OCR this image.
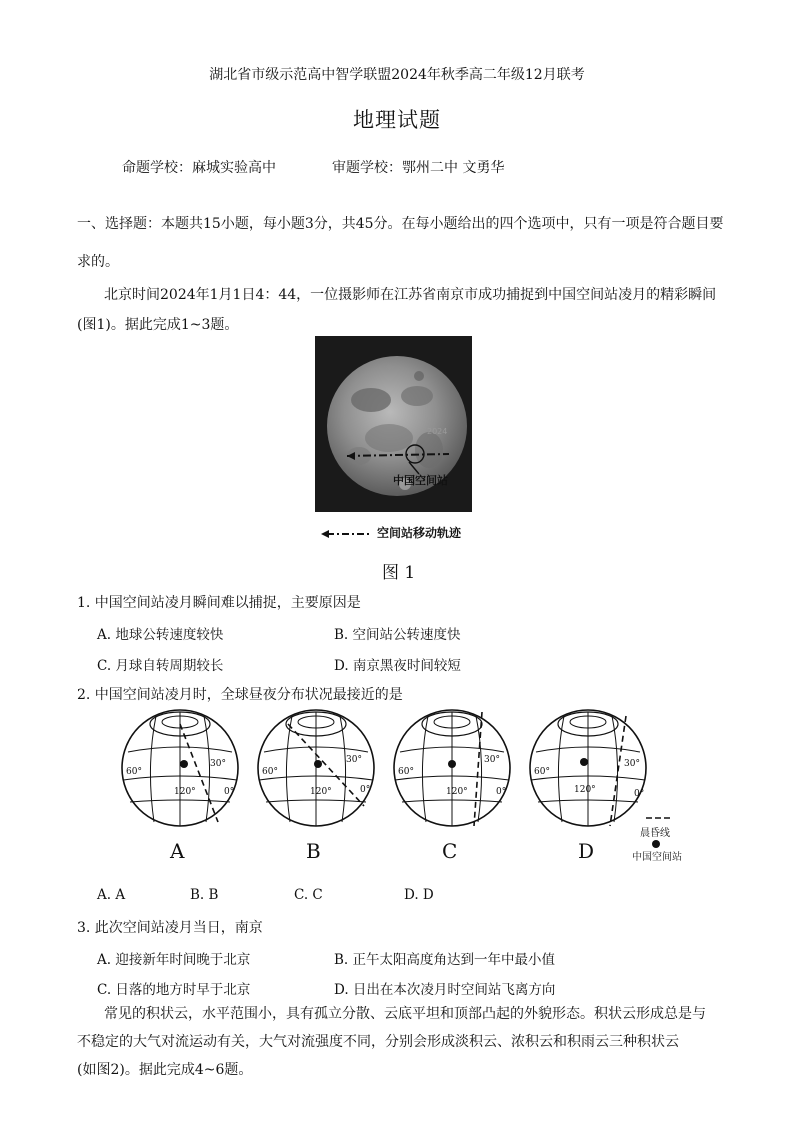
湖北省市级示范高中智学联盟2024年秋季高二年级12月联考
地理试题
命题学校：麻城实验高中	审题学校：鄂州二中 文勇华
一、选择题：本题共15小题，每小题3分，共45分。在每小题给出的四个选项中，只有一项是符合题目要
求的。
北京时间2024年1月1日4：44，一位摄影师在江苏省南京市成功捕捉到中国空间站凌月的精彩瞬间
(图1)。据此完成1~3题。
中国空间站
2024
空间站移动轨迹
图 1
1. 中国空间站凌月瞬间难以捕捉，主要原因是
A. 地球公转速度较快	B. 空间站公转速度快
C. 月球自转周期较长	D. 南京黑夜时间较短
2. 中国空间站凌月时，全球昼夜分布状况最接近的是
60°
120°
30°
0°
A
60°
120°
30°
0°
B
60°
120°
30°
0°
C
60°
120°
30°
0°
D
晨昏线
中国空间站
A. A	B. B	C. C	D. D
3. 此次空间站凌月当日，南京
A. 迎接新年时间晚于北京	B. 正午太阳高度角达到一年中最小值
C. 日落的地方时早于北京	D. 日出在本次凌月时空间站飞离方向
常见的积状云，水平范围小，具有孤立分散、云底平坦和顶部凸起的外貌形态。积状云形成总是与
不稳定的大气对流运动有关，大气对流强度不同，分别会形成淡积云、浓积云和积雨云三种积状云
(如图2)。据此完成4~6题。
